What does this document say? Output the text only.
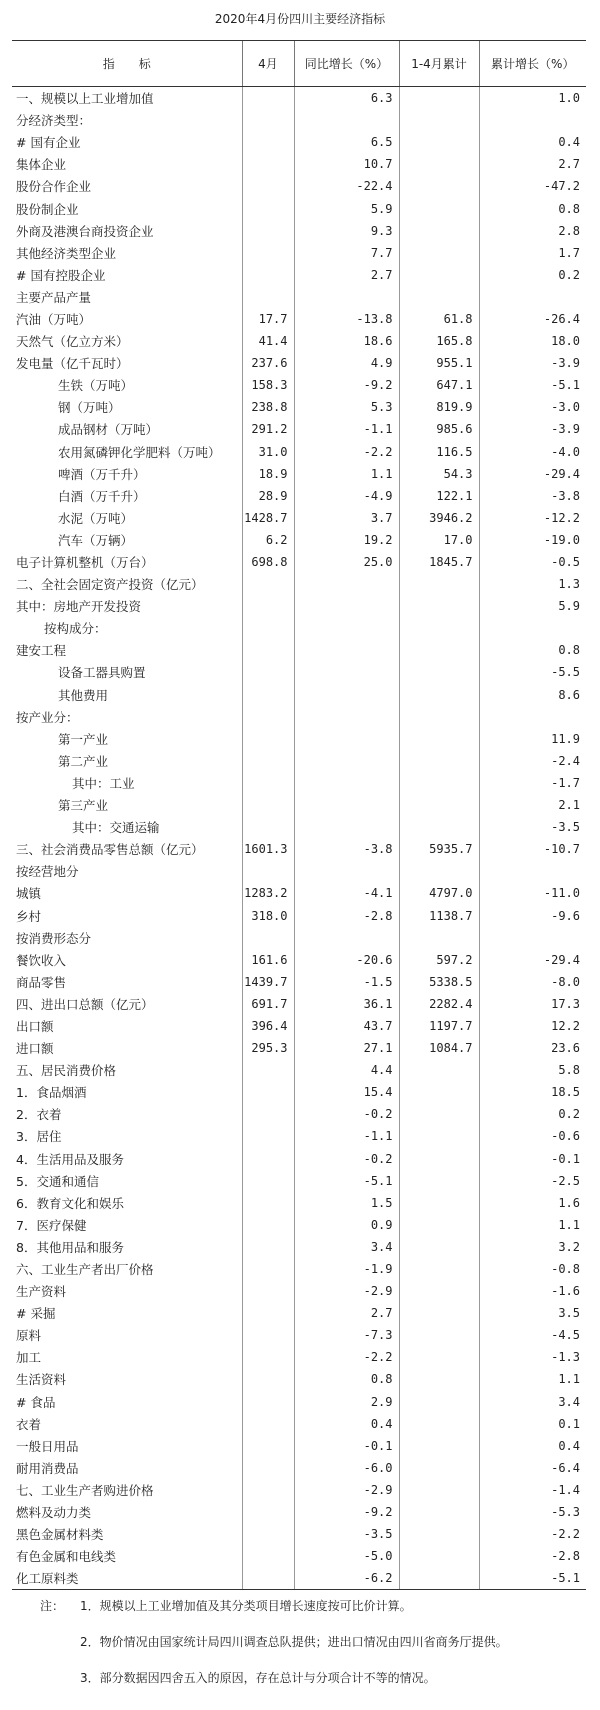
2020年4月份四川主要经济指标
指　　标	4月	同比增长（%）	1-4月累计	累计增长（%）
一、规模以上工业增加值		6.3		1.0
分经济类型：				
# 国有企业		6.5		0.4
集体企业		10.7		2.7
股份合作企业		-22.4		-47.2
股份制企业		5.9		0.8
外商及港澳台商投资企业		9.3		2.8
其他经济类型企业		7.7		1.7
# 国有控股企业		2.7		0.2
主要产品产量				
汽油（万吨）	17.7	-13.8	61.8	-26.4
天然气（亿立方米）	41.4	18.6	165.8	18.0
发电量（亿千瓦时）	237.6	4.9	955.1	-3.9
生铁（万吨）	158.3	-9.2	647.1	-5.1
钢（万吨）	238.8	5.3	819.9	-3.0
成品钢材（万吨）	291.2	-1.1	985.6	-3.9
农用氮磷钾化学肥料（万吨）	31.0	-2.2	116.5	-4.0
啤酒（万千升）	18.9	1.1	54.3	-29.4
白酒（万千升）	28.9	-4.9	122.1	-3.8
水泥（万吨）	1428.7	3.7	3946.2	-12.2
汽车（万辆）	6.2	19.2	17.0	-19.0
电子计算机整机（万台）	698.8	25.0	1845.7	-0.5
二、全社会固定资产投资（亿元）				1.3
其中：房地产开发投资				5.9
按构成分：				
建安工程				0.8
设备工器具购置				-5.5
其他费用				8.6
按产业分：				
第一产业				11.9
第二产业				-2.4
其中：工业				-1.7
第三产业				2.1
其中：交通运输				-3.5
三、社会消费品零售总额（亿元）	1601.3	-3.8	5935.7	-10.7
按经营地分				
城镇	1283.2	-4.1	4797.0	-11.0
乡村	318.0	-2.8	1138.7	-9.6
按消费形态分				
餐饮收入	161.6	-20.6	597.2	-29.4
商品零售	1439.7	-1.5	5338.5	-8.0
四、进出口总额（亿元）	691.7	36.1	2282.4	17.3
出口额	396.4	43.7	1197.7	12.2
进口额	295.3	27.1	1084.7	23.6
五、居民消费价格		4.4		5.8
1．食品烟酒		15.4		18.5
2．衣着		-0.2		0.2
3．居住		-1.1		-0.6
4．生活用品及服务		-0.2		-0.1
5．交通和通信		-5.1		-2.5
6．教育文化和娱乐		1.5		1.6
7．医疗保健		0.9		1.1
8．其他用品和服务		3.4		3.2
六、工业生产者出厂价格		-1.9		-0.8
生产资料		-2.9		-1.6
# 采掘		2.7		3.5
原料		-7.3		-4.5
加工		-2.2		-1.3
生活资料		0.8		1.1
# 食品		2.9		3.4
衣着		0.4		0.1
一般日用品		-0.1		0.4
耐用消费品		-6.0		-6.4
七、工业生产者购进价格		-2.9		-1.4
燃料及动力类		-9.2		-5.3
黑色金属材料类		-3.5		-2.2
有色金属和电线类		-5.0		-2.8
化工原料类		-6.2		-5.1
注： 1．规模以上工业增加值及其分类项目增长速度按可比价计算。
2．物价情况由国家统计局四川调查总队提供；进出口情况由四川省商务厅提供。
3．部分数据因四舍五入的原因，存在总计与分项合计不等的情况。
